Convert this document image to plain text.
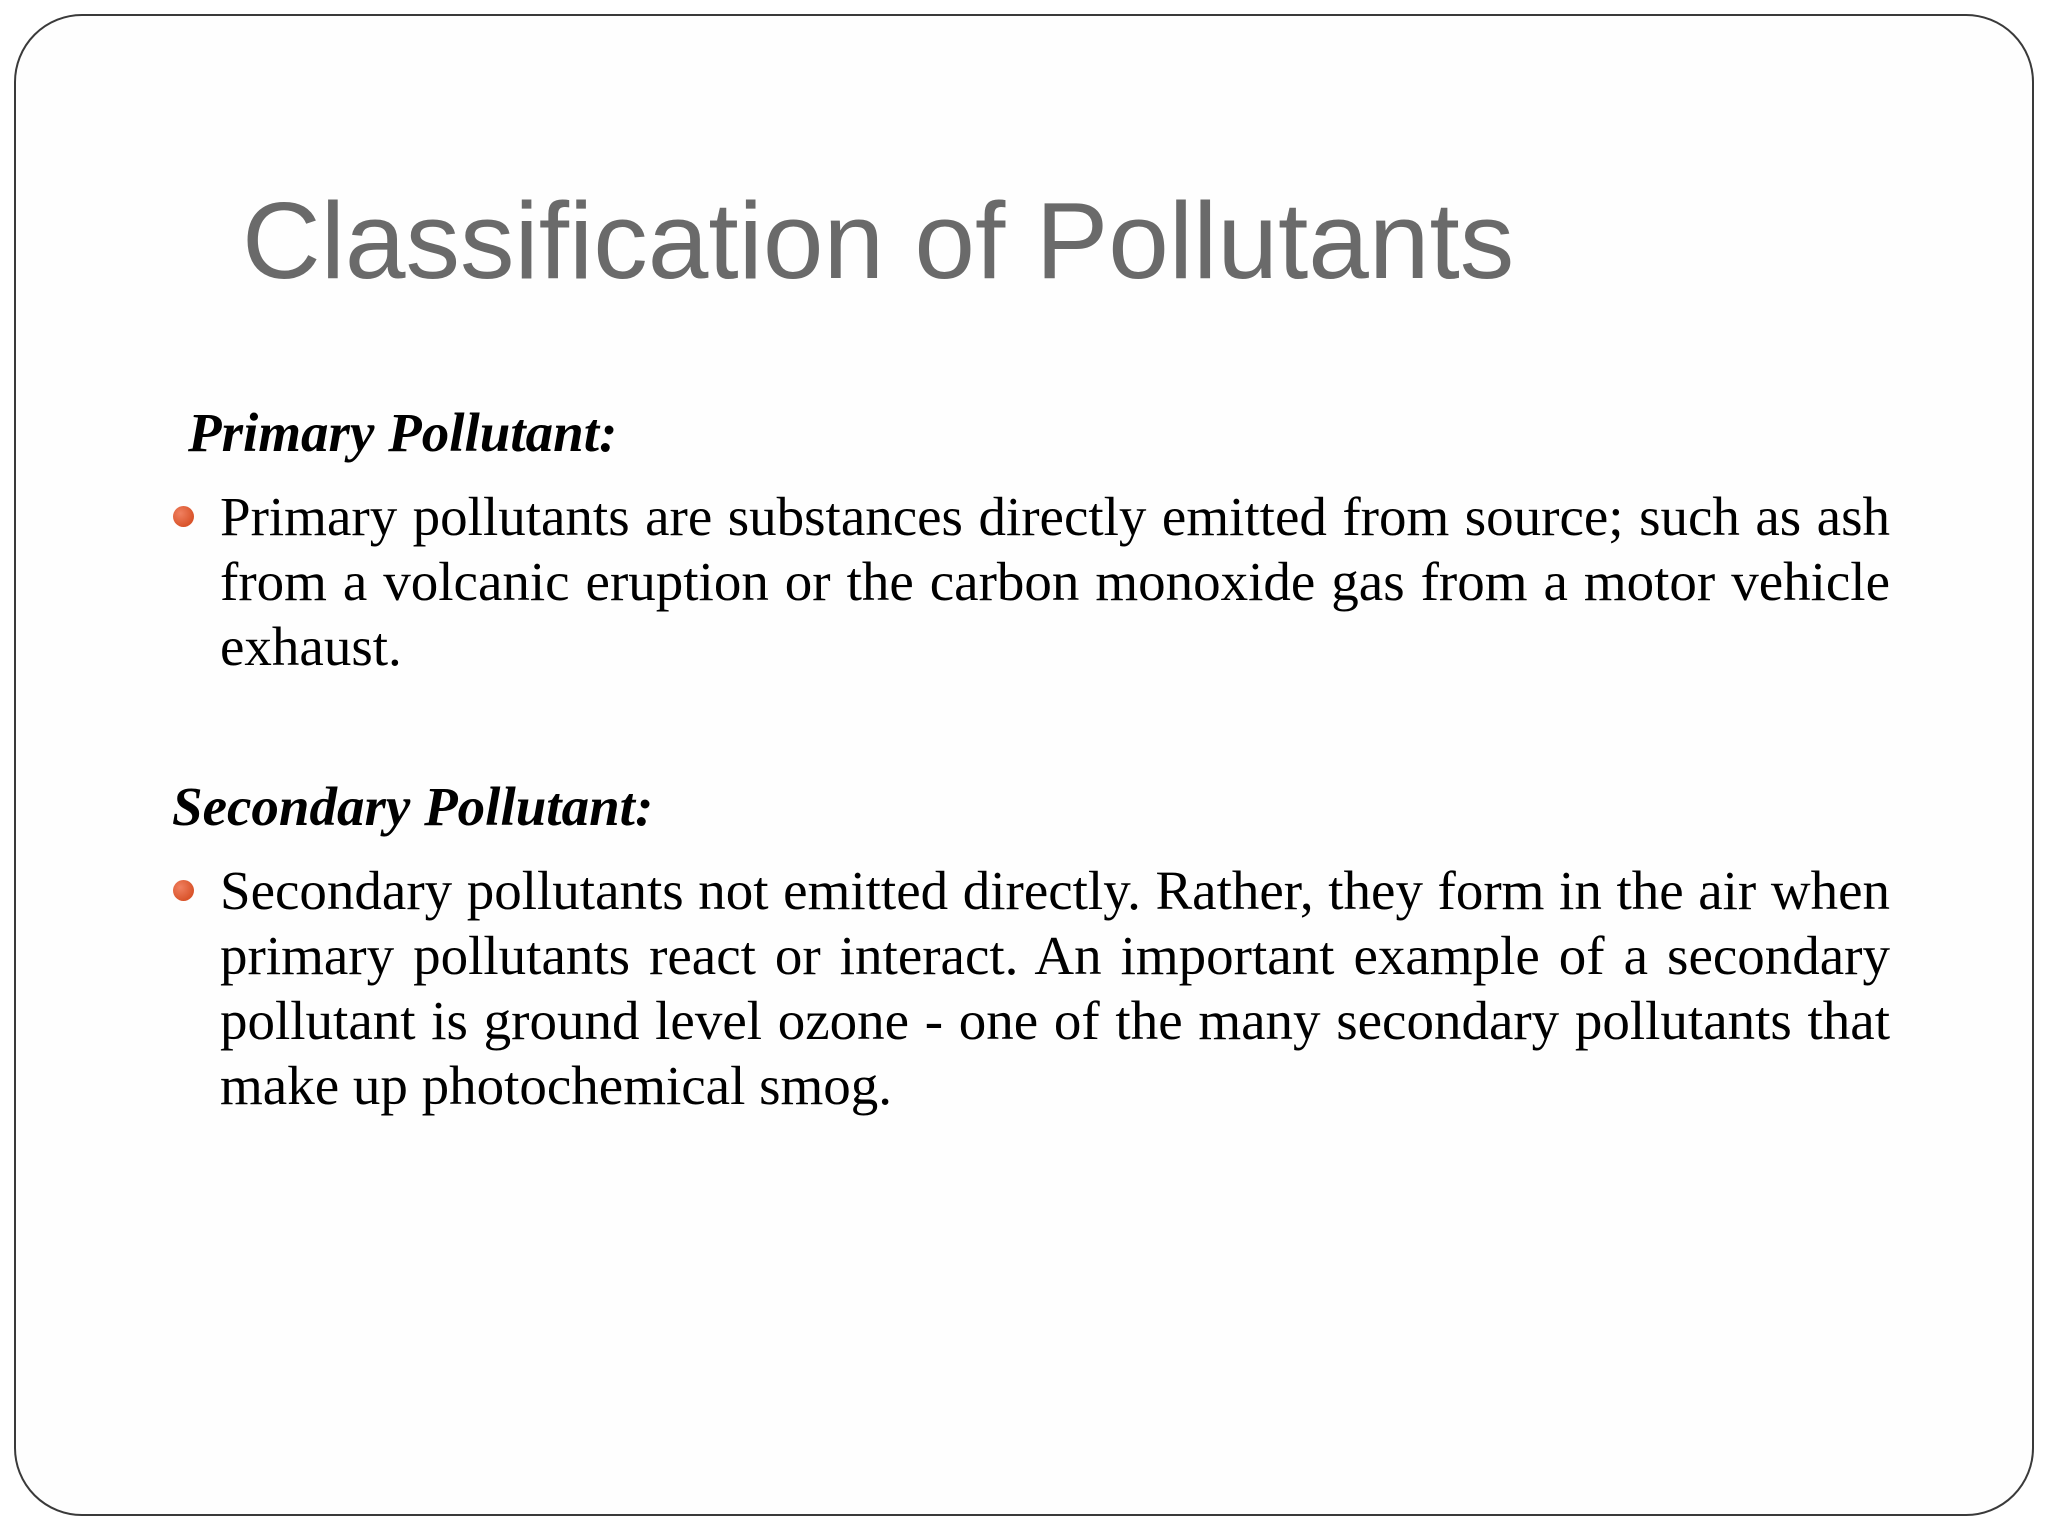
Classification of Pollutants
Primary Pollutant:

Primary pollutants are substances directly emitted from source; such as ash from a volcanic eruption or the carbon monoxide gas from a motor vehicle exhaust.

Secondary Pollutant:

Secondary pollutants not emitted directly. Rather, they form in the air when primary pollutants react or interact. An important example of a secondary pollutant is ground level ozone - one of the many secondary pollutants that make up photochemical smog.
